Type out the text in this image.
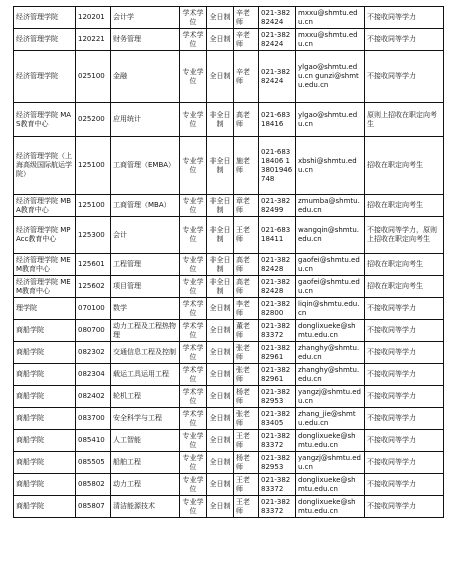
经济管理学院	120201	会计学	学术学位	全日制	辛老师	021-38282424	mxxu@shmtu.edu.cn	不接收同等学力
经济管理学院	120221	财务管理	学术学位	全日制	辛老师	021-38282424	mxxu@shmtu.edu.cn	不接收同等学力
经济管理学院	025100	金融	专业学位	全日制	辛老师	021-38282424	ylgao@shmtu.edu.cn gunzi@shmtu.edu.cn	不接收同等学力
经济管理学院 MAS教育中心	025200	应用统计	专业学位	非全日制	高老师	021-68318416	ylgao@shmtu.edu.cn	原则上招收在职定向考生
经济管理学院（上海高级国际航运学院）	125100	工商管理（EMBA）	专业学位	非全日制	施老师	021-68318406 13801946748	xbshi@shmtu.edu.cn	招收在职定向考生
经济管理学院 MBA教育中心	125100	工商管理（MBA）	专业学位	非全日制	章老师	021-38282499	zmumba@shmtu.edu.cn	招收在职定向考生
经济管理学院 MPAcc教育中心	125300	会计	专业学位	非全日制	王老师	021-68318411	wangqin@shmtu.edu.cn	不接收同等学力，原则上招收在职定向考生
经济管理学院 MEM教育中心	125601	工程管理	专业学位	非全日制	高老师	021-38282428	gaofei@shmtu.edu.cn	招收在职定向考生
经济管理学院 MEM教育中心	125602	项目管理	专业学位	非全日制	高老师	021-38282428	gaofei@shmtu.edu.cn	招收在职定向考生
理学院	070100	数学	学术学位	全日制	李老师	021-38282800	liqin@shmtu.edu.cn	不接收同等学力
商船学院	080700	动力工程及工程热物理	学术学位	全日制	董老师	021-38283372	donglixueke@shmtu.edu.cn	不接收同等学力
商船学院	082302	交通信息工程及控制	学术学位	全日制	张老师	021-38282961	zhanghy@shmtu.edu.cn	不接收同等学力
商船学院	082304	载运工具运用工程	学术学位	全日制	张老师	021-38282961	zhanghy@shmtu.edu.cn	不接收同等学力
商船学院	082402	轮机工程	学术学位	全日制	杨老师	021-38282953	yangzj@shmtu.edu.cn	不接收同等学力
商船学院	083700	安全科学与工程	学术学位	全日制	张老师	021-38283405	zhang_jie@shmtu.edu.cn	不接收同等学力
商船学院	085410	人工智能	专业学位	全日制	王老师	021-38283372	donglixueke@shmtu.edu.cn	不接收同等学力
商船学院	085505	船舶工程	专业学位	全日制	杨老师	021-38282953	yangzj@shmtu.edu.cn	不接收同等学力
商船学院	085802	动力工程	专业学位	全日制	王老师	021-38283372	donglixueke@shmtu.edu.cn	不接收同等学力
商船学院	085807	清洁能源技术	专业学位	全日制	王老师	021-38283372	donglixueke@shmtu.edu.cn	不接收同等学力
